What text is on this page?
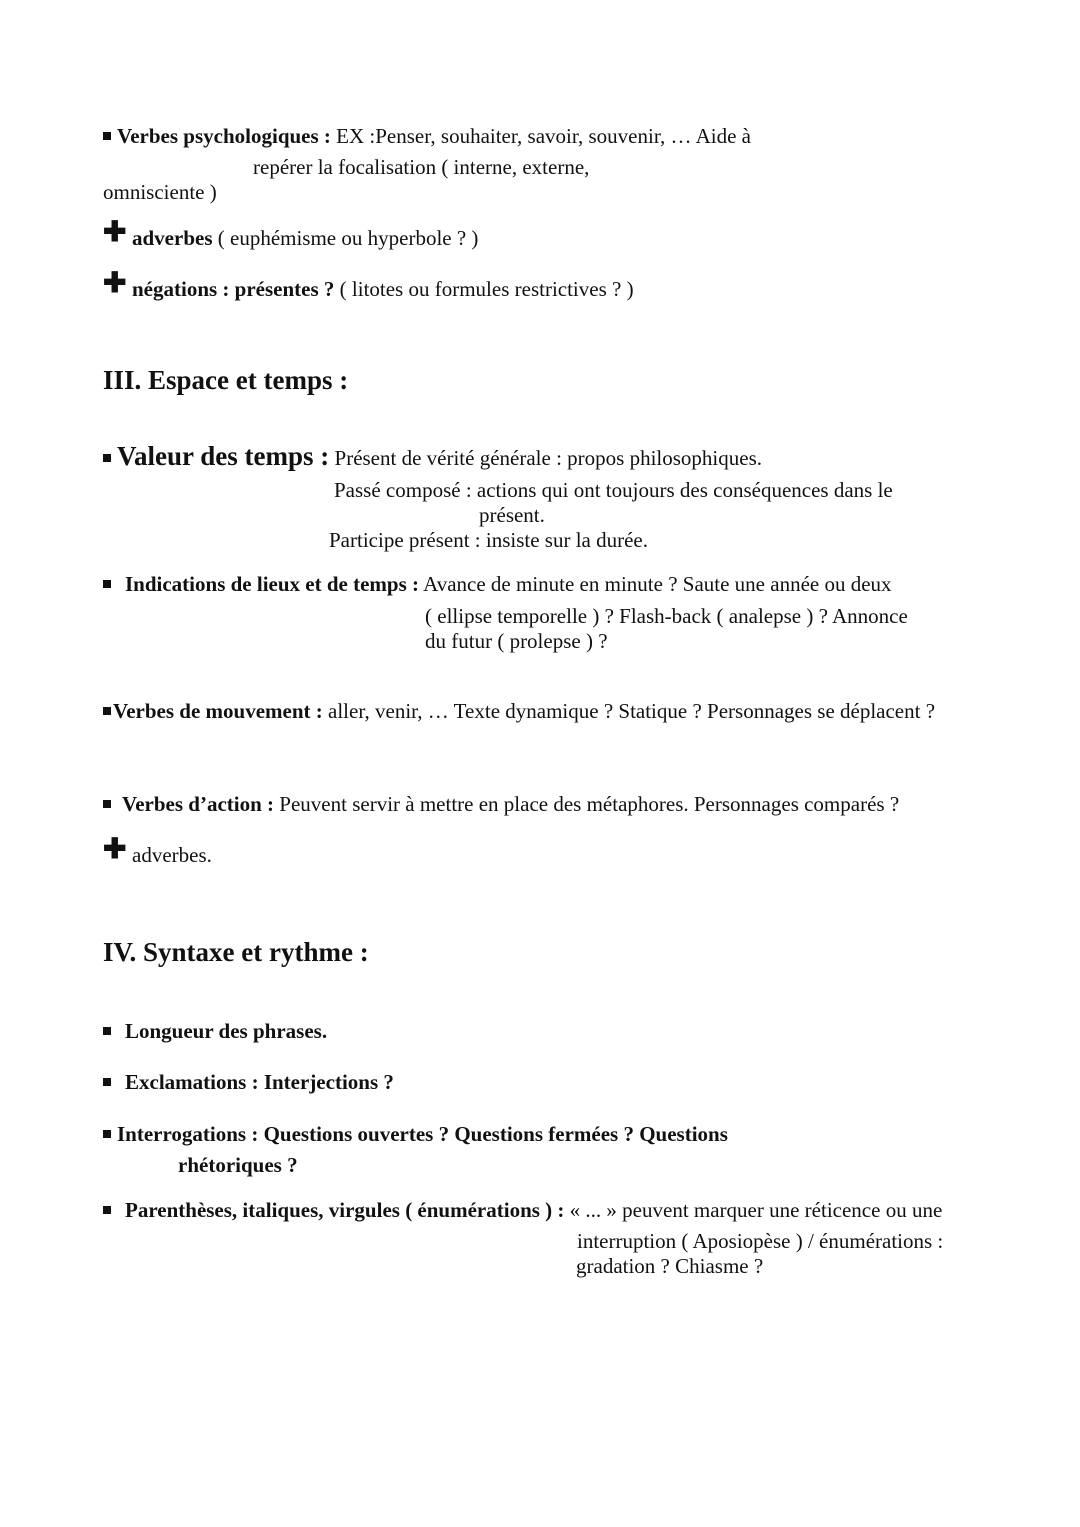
Verbes psychologiques : EX :Penser, souhaiter, savoir, souvenir, … Aide à
repérer la focalisation ( interne, externe,
omnisciente )
✚ adverbes ( euphémisme ou hyperbole ? )
✚ négations : présentes ? ( litotes ou formules restrictives ? )
III. Espace et temps :
Valeur des temps : Présent de vérité générale : propos philosophiques.
Passé composé : actions qui ont toujours des conséquences dans le
présent.
Participe présent : insiste sur la durée.
Indications de lieux et de temps : Avance de minute en minute ? Saute une année ou deux
( ellipse temporelle ) ? Flash-back ( analepse ) ? Annonce
du futur ( prolepse ) ?
Verbes de mouvement : aller, venir, … Texte dynamique ? Statique ? Personnages se déplacent ?
Verbes d’action : Peuvent servir à mettre en place des métaphores. Personnages comparés ?
✚ adverbes.
IV. Syntaxe et rythme :
Longueur des phrases.
Exclamations : Interjections ?
Interrogations : Questions ouvertes ? Questions fermées ? Questions
rhétoriques ?
Parenthèses, italiques, virgules ( énumérations ) : « ... » peuvent marquer une réticence ou une
interruption ( Aposiopèse ) / énumérations :
gradation ? Chiasme ?
